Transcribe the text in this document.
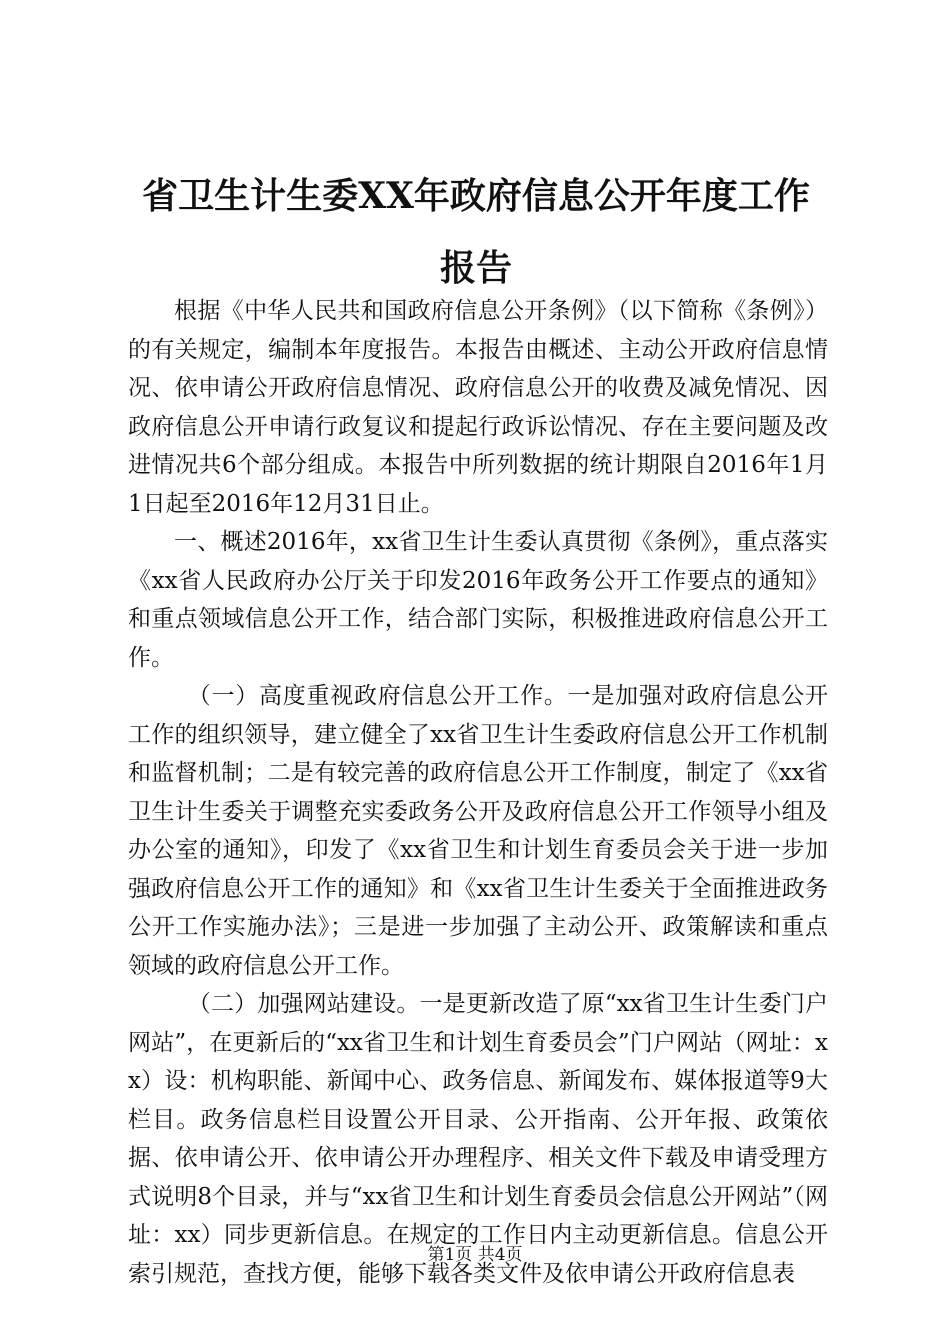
省卫生计生委XX年政府信息公开年度工作报告

根据《中华人民共和国政府信息公开条例》（以下简称《条例》）的有关规定，编制本年度报告。本报告由概述、主动公开政府信息情况、依申请公开政府信息情况、政府信息公开的收费及减免情况、因政府信息公开申请行政复议和提起行政诉讼情况、存在主要问题及改进情况共6个部分组成。本报告中所列数据的统计期限自2016年1月1日起至2016年12月31日止。

一、概述2016年，xx省卫生计生委认真贯彻《条例》，重点落实《xx省人民政府办公厅关于印发2016年政务公开工作要点的通知》和重点领域信息公开工作，结合部门实际，积极推进政府信息公开工作。

（一）高度重视政府信息公开工作。一是加强对政府信息公开工作的组织领导，建立健全了xx省卫生计生委政府信息公开工作机制和监督机制；二是有较完善的政府信息公开工作制度，制定了《xx省卫生计生委关于调整充实委政务公开及政府信息公开工作领导小组及办公室的通知》，印发了《xx省卫生和计划生育委员会关于进一步加强政府信息公开工作的通知》和《xx省卫生计生委关于全面推进政务公开工作实施办法》；三是进一步加强了主动公开、政策解读和重点领域的政府信息公开工作。

（二）加强网站建设。一是更新改造了原“xx省卫生计生委门户网站”，在更新后的“xx省卫生和计划生育委员会”门户网站（网址：xx）设：机构职能、新闻中心、政务信息、新闻发布、媒体报道等9大栏目。政务信息栏目设置公开目录、公开指南、公开年报、政策依据、依申请公开、依申请公开办理程序、相关文件下载及申请受理方式说明8个目录，并与“xx省卫生和计划生育委员会信息公开网站”（网址：xx）同步更新信息。在规定的工作日内主动更新信息。信息公开索引规范，查找方便，能够下载各类文件及依申请公开政府信息表

第1页 共4页
